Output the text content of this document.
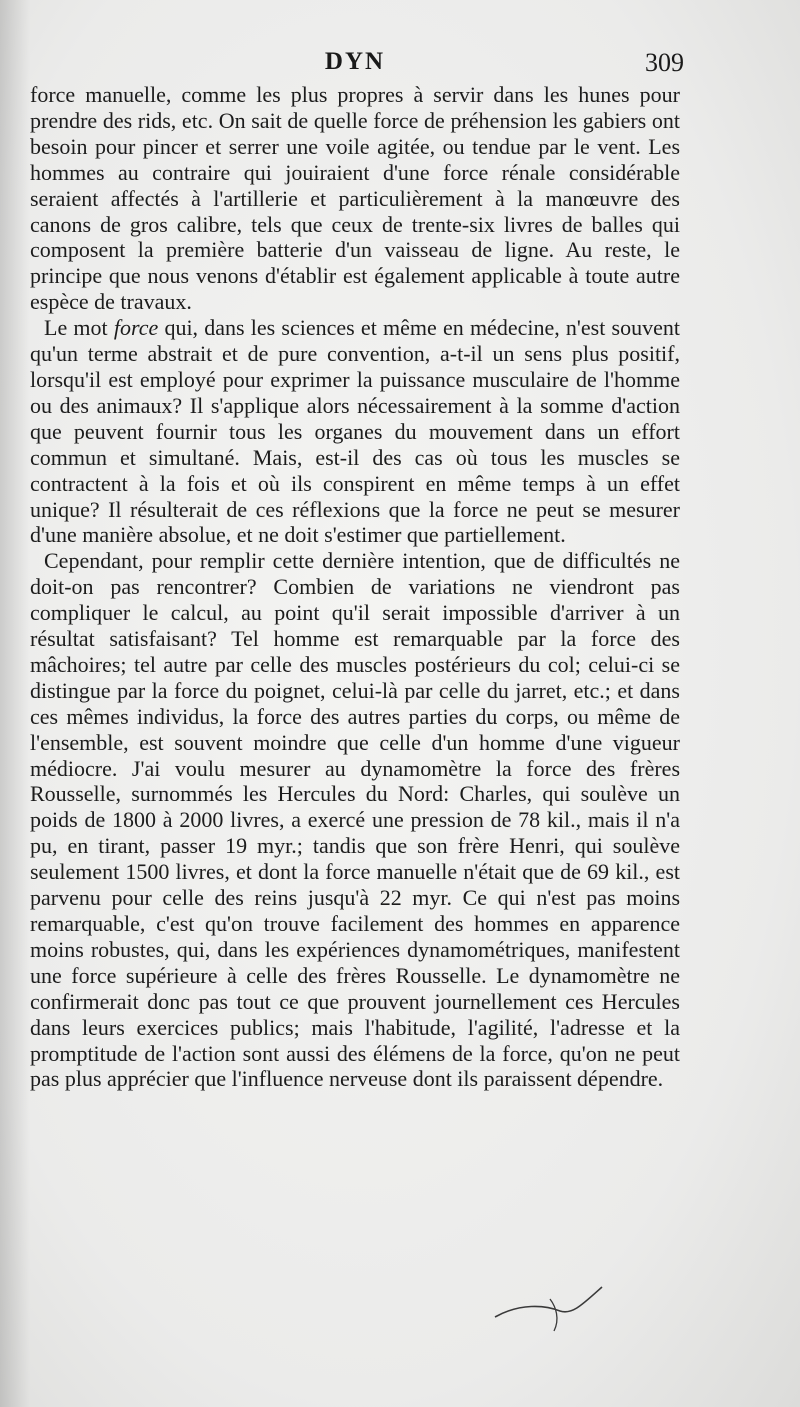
DYN	309

force manuelle, comme les plus propres à servir dans les hunes pour prendre des rids, etc. On sait de quelle force de préhension les gabiers ont besoin pour pincer et serrer une voile agitée, ou tendue par le vent. Les hommes au contraire qui jouiraient d'une force rénale considérable seraient affectés à l'artillerie et particulièrement à la manœuvre des canons de gros calibre, tels que ceux de trente-six livres de balles qui composent la première batterie d'un vaisseau de ligne. Au reste, le principe que nous venons d'établir est également applicable à toute autre espèce de travaux.

Le mot force qui, dans les sciences et même en médecine, n'est souvent qu'un terme abstrait et de pure convention, a-t-il un sens plus positif, lorsqu'il est employé pour exprimer la puissance musculaire de l'homme ou des animaux? Il s'applique alors nécessairement à la somme d'action que peuvent fournir tous les organes du mouvement dans un effort commun et simultané. Mais, est-il des cas où tous les muscles se contractent à la fois et où ils conspirent en même temps à un effet unique? Il résulterait de ces réflexions que la force ne peut se mesurer d'une manière absolue, et ne doit s'estimer que partiellement.

Cependant, pour remplir cette dernière intention, que de difficultés ne doit-on pas rencontrer? Combien de variations ne viendront pas compliquer le calcul, au point qu'il serait impossible d'arriver à un résultat satisfaisant? Tel homme est remarquable par la force des mâchoires; tel autre par celle des muscles postérieurs du col; celui-ci se distingue par la force du poignet, celui-là par celle du jarret, etc.; et dans ces mêmes individus, la force des autres parties du corps, ou même de l'ensemble, est souvent moindre que celle d'un homme d'une vigueur médiocre. J'ai voulu mesurer au dynamomètre la force des frères Rousselle, surnommés les Hercules du Nord: Charles, qui soulève un poids de 1800 à 2000 livres, a exercé une pression de 78 kil., mais il n'a pu, en tirant, passer 19 myr.; tandis que son frère Henri, qui soulève seulement 1500 livres, et dont la force manuelle n'était que de 69 kil., est parvenu pour celle des reins jusqu'à 22 myr. Ce qui n'est pas moins remarquable, c'est qu'on trouve facilement des hommes en apparence moins robustes, qui, dans les expériences dynamométriques, manifestent une force supérieure à celle des frères Rousselle. Le dynamomètre ne confirmerait donc pas tout ce que prouvent journellement ces Hercules dans leurs exercices publics; mais l'habitude, l'agilité, l'adresse et la promptitude de l'action sont aussi des élémens de la force, qu'on ne peut pas plus apprécier que l'influence nerveuse dont ils paraissent dépendre.
